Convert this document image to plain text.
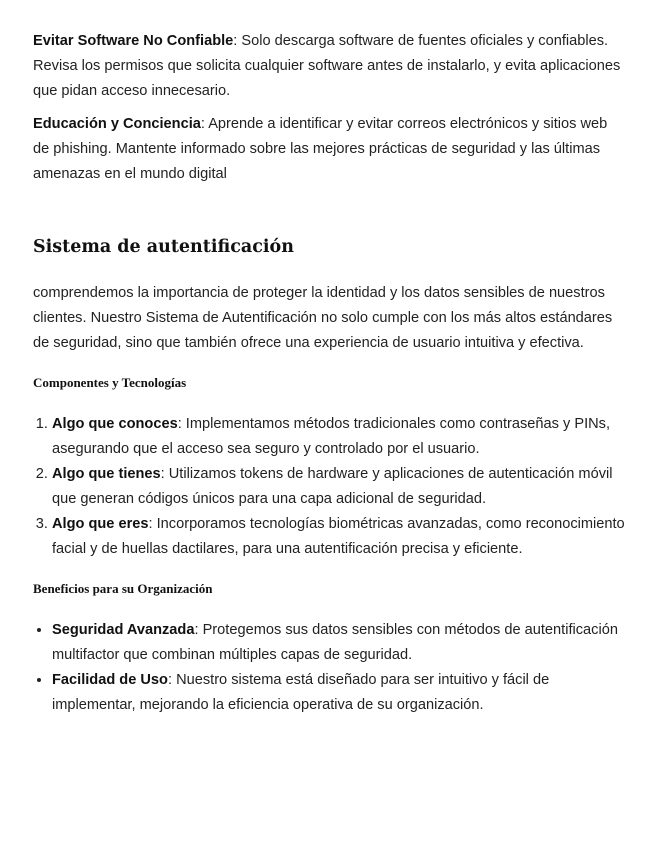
Evitar Software No Confiable: Solo descarga software de fuentes oficiales y confiables. Revisa los permisos que solicita cualquier software antes de instalarlo, y evita aplicaciones que pidan acceso innecesario.

Educación y Conciencia: Aprende a identificar y evitar correos electrónicos y sitios web de phishing. Mantente informado sobre las mejores prácticas de seguridad y las últimas amenazas en el mundo digital

Sistema de autentificación

comprendemos la importancia de proteger la identidad y los datos sensibles de nuestros clientes. Nuestro Sistema de Autentificación no solo cumple con los más altos estándares de seguridad, sino que también ofrece una experiencia de usuario intuitiva y efectiva.

Componentes y Tecnologías
1. Algo que conoces: Implementamos métodos tradicionales como contraseñas y PINs, asegurando que el acceso sea seguro y controlado por el usuario.
2. Algo que tienes: Utilizamos tokens de hardware y aplicaciones de autenticación móvil que generan códigos únicos para una capa adicional de seguridad.
3. Algo que eres: Incorporamos tecnologías biométricas avanzadas, como reconocimiento facial y de huellas dactilares, para una autentificación precisa y eficiente.
Beneficios para su Organización
• Seguridad Avanzada: Protegemos sus datos sensibles con métodos de autentificación multifactor que combinan múltiples capas de seguridad.
• Facilidad de Uso: Nuestro sistema está diseñado para ser intuitivo y fácil de implementar, mejorando la eficiencia operativa de su organización.
